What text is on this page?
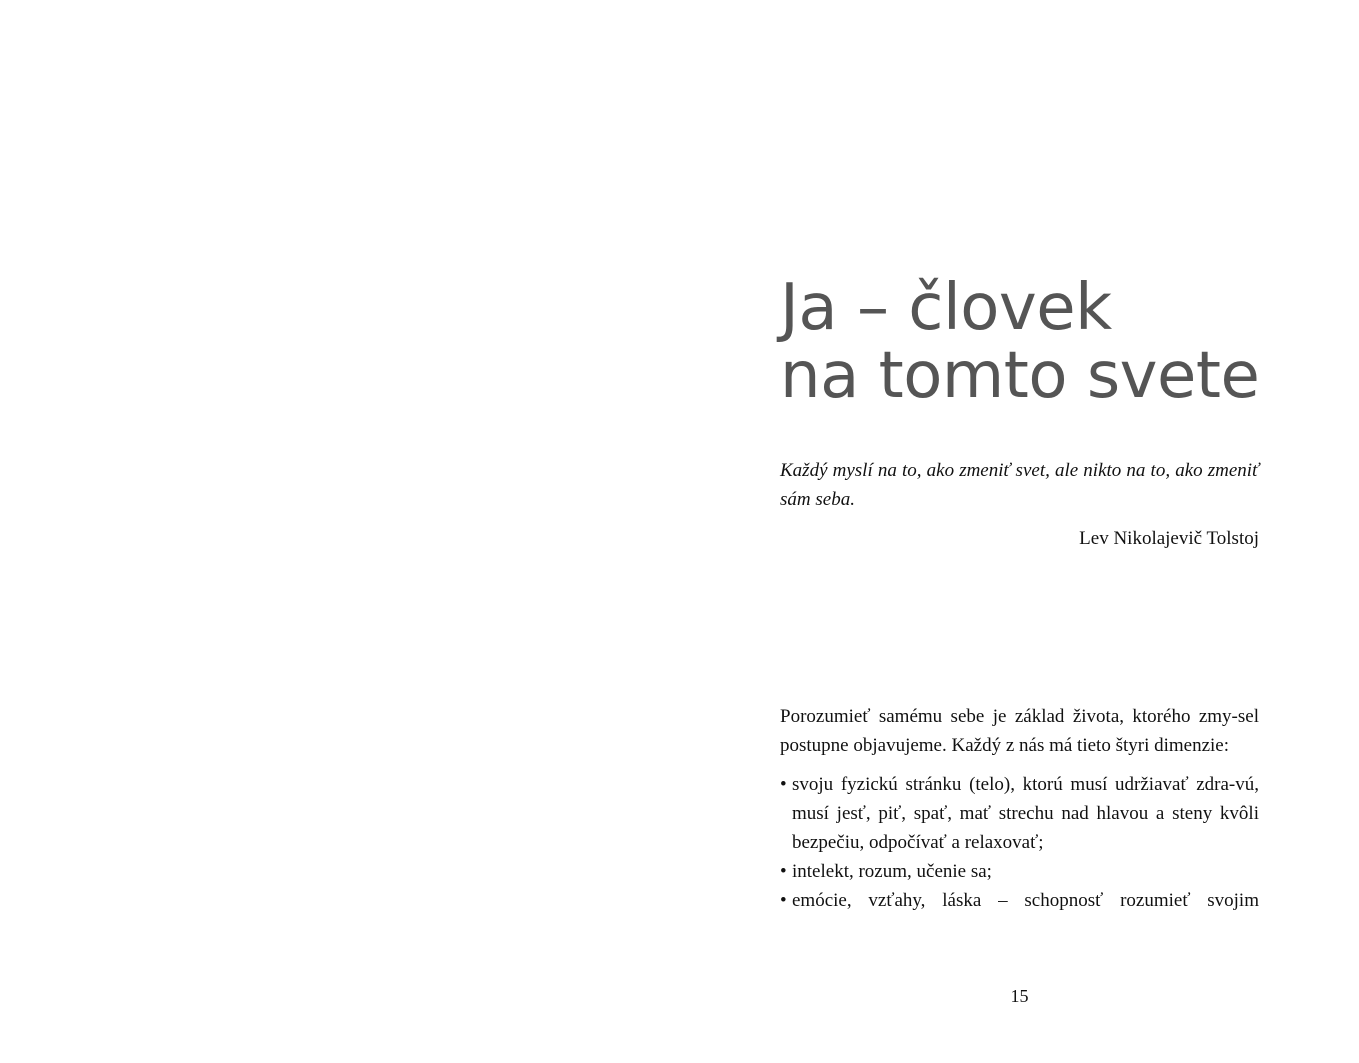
Ja – človek
na tomto svete

Každý myslí na to, ako zmeniť svet, ale nikto na to, ako zmeniť sám seba.

Lev Nikolajevič Tolstoj

Porozumieť samému sebe je základ života, ktorého zmy-sel postupne objavujeme. Každý z nás má tieto štyri dimenzie:

• svoju fyzickú stránku (telo), ktorú musí udržiavať zdra-vú, musí jesť, piť, spať, mať strechu nad hlavou a steny kvôli bezpečiu, odpočívať a relaxovať;
• intelekt, rozum, učenie sa;
• emócie, vzťahy, láska – schopnosť rozumieť svojim
15
